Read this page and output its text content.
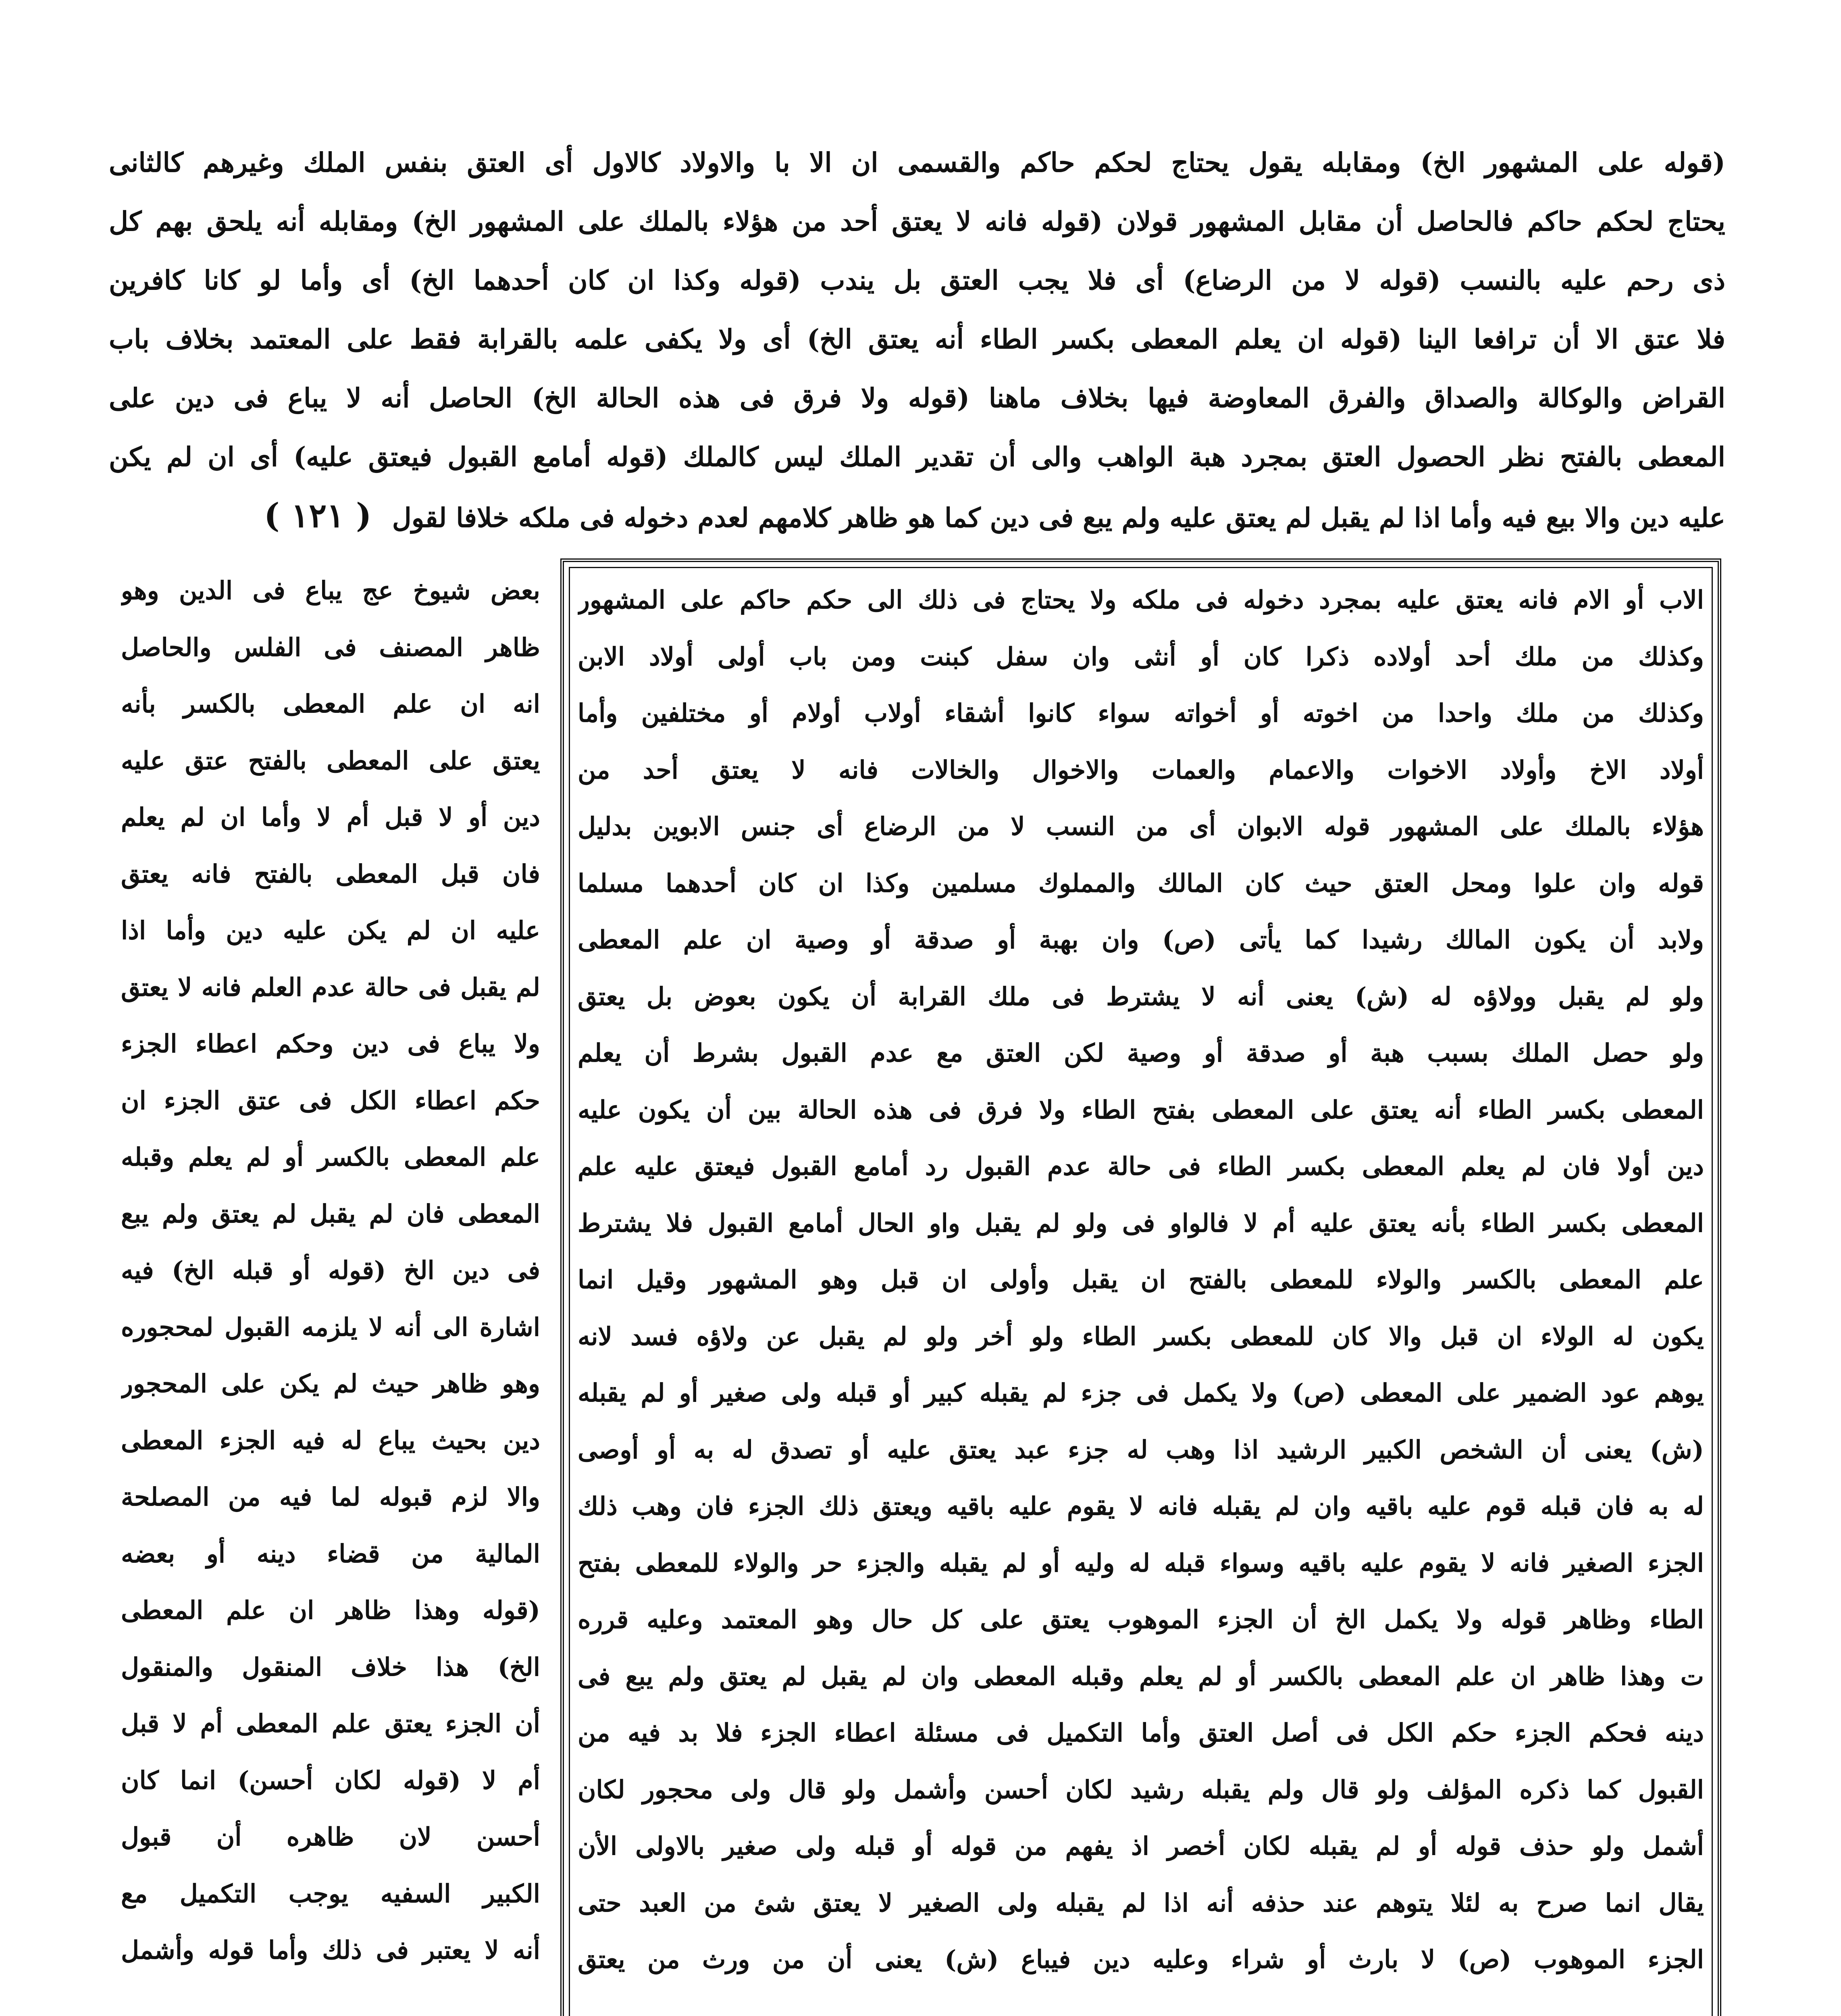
(قوله على المشهور الخ) ومقابله يقول يحتاج لحكم حاكم والقسمى ان الا با والاولاد كالاول أى العتق بنفس الملك وغيرهم كالثانى
يحتاج لحكم حاكم فالحاصل أن مقابل المشهور قولان (قوله فانه لا يعتق أحد من هؤلاء بالملك على المشهور الخ) ومقابله أنه يلحق بهم كل
ذى رحم عليه بالنسب (قوله لا من الرضاع) أى فلا يجب العتق بل يندب (قوله وكذا ان كان أحدهما الخ) أى وأما لو كانا كافرين
فلا عتق الا أن ترافعا الينا (قوله ان يعلم المعطى بكسر الطاء أنه يعتق الخ) أى ولا يكفى علمه بالقرابة فقط على المعتمد بخلاف باب
القراض والوكالة والصداق والفرق المعاوضة فيها بخلاف ماهنا (قوله ولا فرق فى هذه الحالة الخ) الحاصل أنه لا يباع فى دين على
المعطى بالفتح نظر الحصول العتق بمجرد هبة الواهب والى أن تقدير الملك ليس كالملك (قوله أمامع القبول فيعتق عليه) أى ان لم يكن
عليه دين والا بيع فيه وأما اذا لم يقبل لم يعتق عليه ولم يبع فى دين كما هو ظاهر كلامهم لعدم دخوله فى ملكه خلافا لقول ( ١٢١ )
الاب أو الام فانه يعتق عليه بمجرد دخوله فى ملكه ولا يحتاج فى ذلك الى حكم حاكم على المشهور
وكذلك من ملك أحد أولاده ذكرا كان أو أنثى وان سفل كبنت ومن باب أولى أولاد الابن
وكذلك من ملك واحدا من اخوته أو أخواته سواء كانوا أشقاء أولاب أولام أو مختلفين وأما
أولاد الاخ وأولاد الاخوات والاعمام والعمات والاخوال والخالات فانه لا يعتق أحد من
هؤلاء بالملك على المشهور قوله الابوان أى من النسب لا من الرضاع أى جنس الابوين بدليل
قوله وان علوا ومحل العتق حيث كان المالك والمملوك مسلمين وكذا ان كان أحدهما مسلما
ولابد أن يكون المالك رشيدا كما يأتى (ص) وان بهبة أو صدقة أو وصية ان علم المعطى
ولو لم يقبل وولاؤه له (ش) يعنى أنه لا يشترط فى ملك القرابة أن يكون بعوض بل يعتق
ولو حصل الملك بسبب هبة أو صدقة أو وصية لكن العتق مع عدم القبول بشرط أن يعلم
المعطى بكسر الطاء أنه يعتق على المعطى بفتح الطاء ولا فرق فى هذه الحالة بين أن يكون عليه
دين أولا فان لم يعلم المعطى بكسر الطاء فى حالة عدم القبول رد أمامع القبول فيعتق عليه علم
المعطى بكسر الطاء بأنه يعتق عليه أم لا فالواو فى ولو لم يقبل واو الحال أمامع القبول فلا يشترط
علم المعطى بالكسر والولاء للمعطى بالفتح ان يقبل وأولى ان قبل وهو المشهور وقيل انما
يكون له الولاء ان قبل والا كان للمعطى بكسر الطاء ولو أخر ولو لم يقبل عن ولاؤه فسد لانه
يوهم عود الضمير على المعطى (ص) ولا يكمل فى جزء لم يقبله كبير أو قبله ولى صغير أو لم يقبله
(ش) يعنى أن الشخص الكبير الرشيد اذا وهب له جزء عبد يعتق عليه أو تصدق له به أو أوصى
له به فان قبله قوم عليه باقيه وان لم يقبله فانه لا يقوم عليه باقيه ويعتق ذلك الجزء فان وهب ذلك
الجزء الصغير فانه لا يقوم عليه باقيه وسواء قبله له وليه أو لم يقبله والجزء حر والولاء للمعطى بفتح
الطاء وظاهر قوله ولا يكمل الخ أن الجزء الموهوب يعتق على كل حال وهو المعتمد وعليه قرره
ت وهذا ظاهر ان علم المعطى بالكسر أو لم يعلم وقبله المعطى وان لم يقبل لم يعتق ولم يبع فى
دينه فحكم الجزء حكم الكل فى أصل العتق وأما التكميل فى مسئلة اعطاء الجزء فلا بد فيه من
القبول كما ذكره المؤلف ولو قال ولم يقبله رشيد لكان أحسن وأشمل ولو قال ولى محجور لكان
أشمل ولو حذف قوله أو لم يقبله لكان أخصر اذ يفهم من قوله أو قبله ولى صغير بالاولى الأن
يقال انما صرح به لئلا يتوهم عند حذفه أنه اذا لم يقبله ولى الصغير لا يعتق شئ من العبد حتى
الجزء الموهوب (ص) لا بارث أو شراء وعليه دين فيباع (ش) يعنى أن من ورث من يعتق
بعض شيوخ عج يباع فى الدين وهو
ظاهر المصنف فى الفلس والحاصل
انه ان علم المعطى بالكسر بأنه
يعتق على المعطى بالفتح عتق عليه
دين أو لا قبل أم لا وأما ان لم يعلم
فان قبل المعطى بالفتح فانه يعتق
عليه ان لم يكن عليه دين وأما اذا
لم يقبل فى حالة عدم العلم فانه لا يعتق
ولا يباع فى دين وحكم اعطاء الجزء
حكم اعطاء الكل فى عتق الجزء ان
علم المعطى بالكسر أو لم يعلم وقبله
المعطى فان لم يقبل لم يعتق ولم يبع
فى دين الخ (قوله أو قبله الخ) فيه
اشارة الى أنه لا يلزمه القبول لمحجوره
وهو ظاهر حيث لم يكن على المحجور
دين بحيث يباع له فيه الجزء المعطى
والا لزم قبوله لما فيه من المصلحة
المالية من قضاء دينه أو بعضه
(قوله وهذا ظاهر ان علم المعطى
الخ) هذا خلاف المنقول والمنقول
أن الجزء يعتق علم المعطى أم لا قبل
أم لا (قوله لكان أحسن) انما كان
أحسن لان ظاهره أن قبول
الكبير السفيه يوجب التكميل مع
أنه لا يعتبر فى ذلك وأما قوله وأشمل
